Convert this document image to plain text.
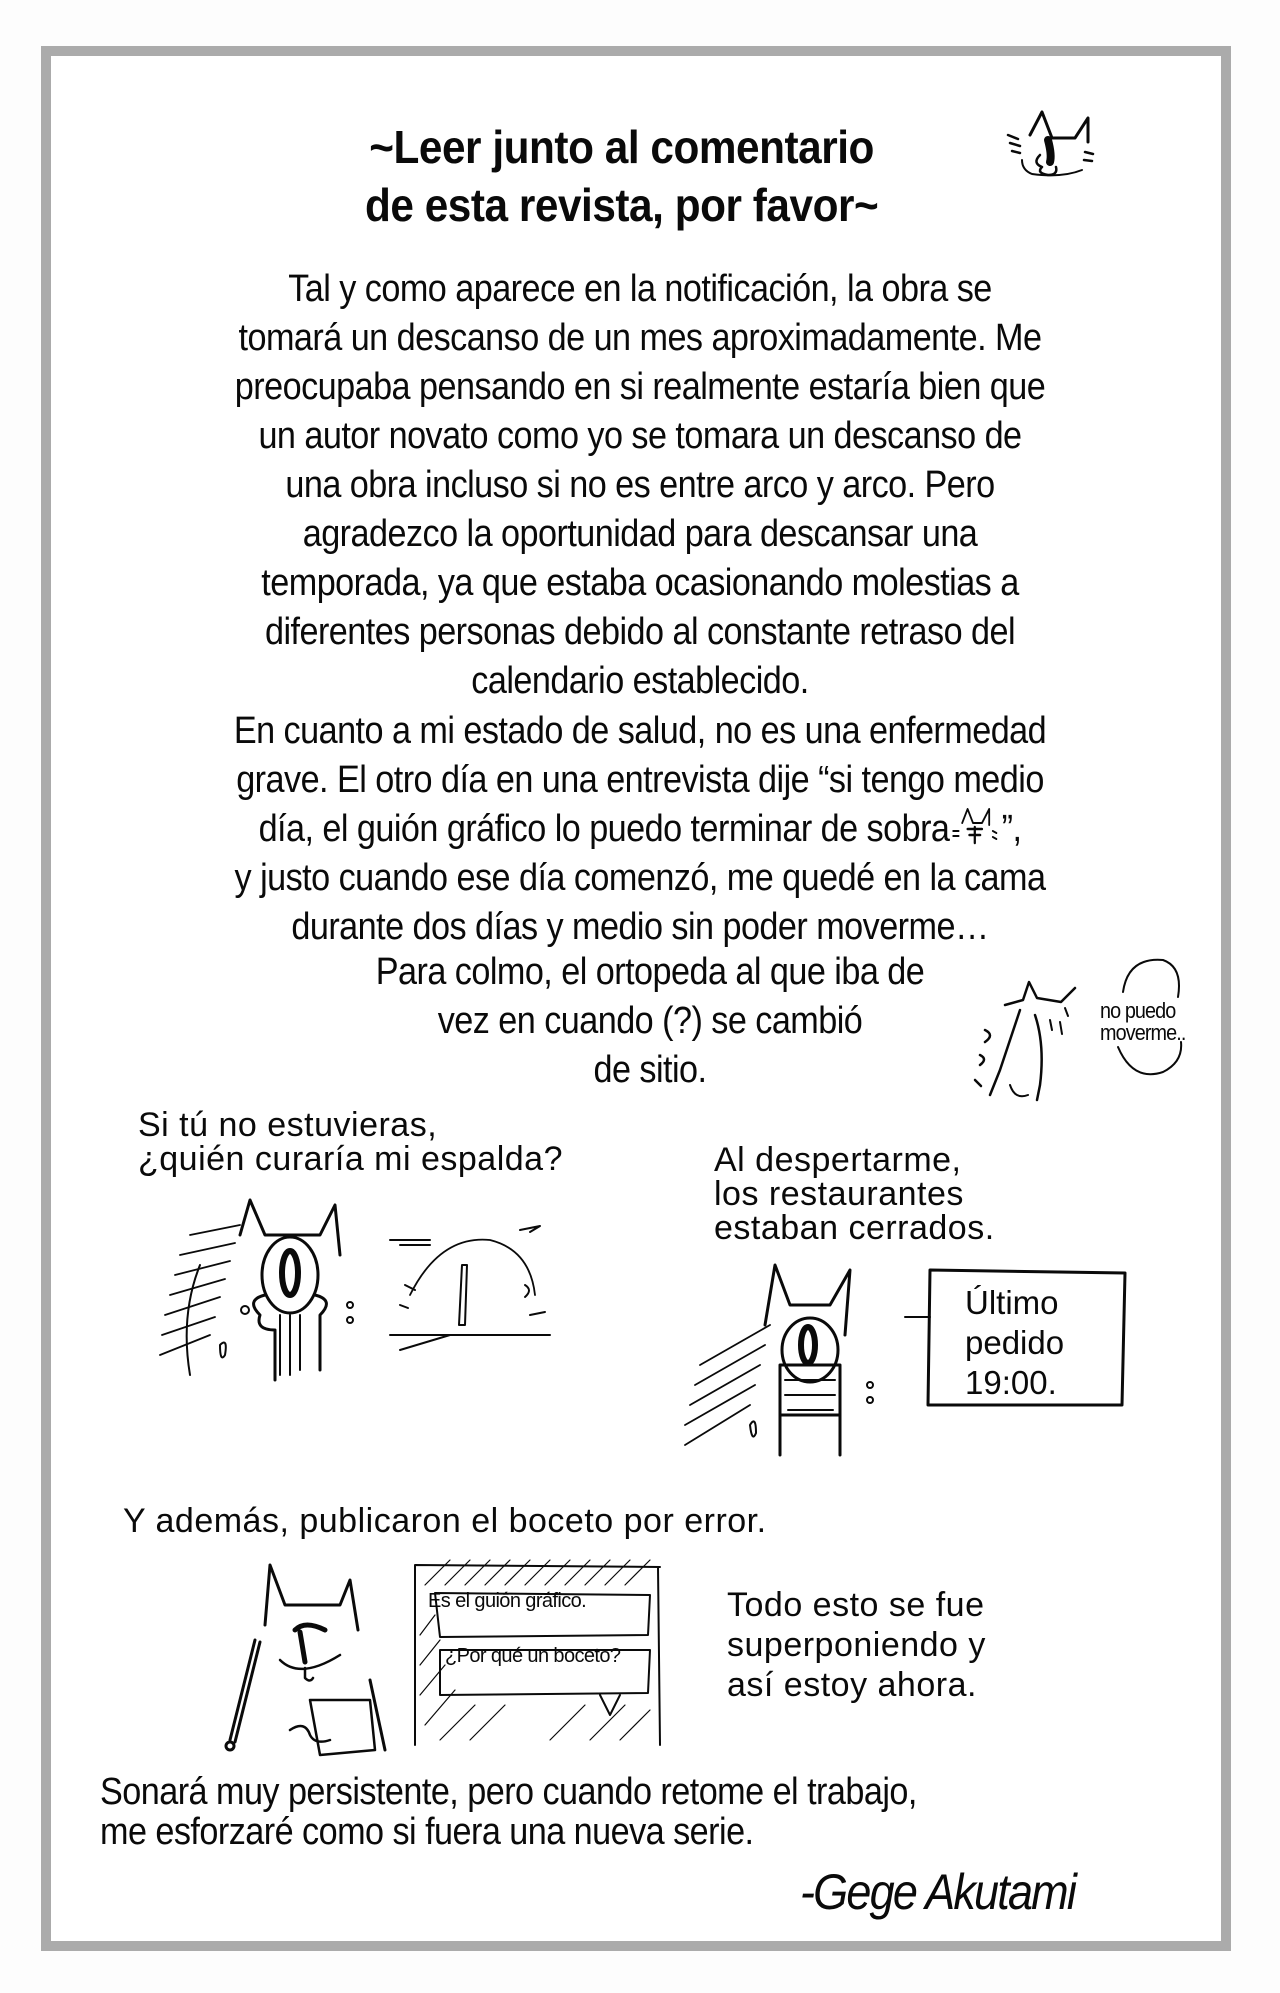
~Leer junto al comentario
de esta revista, por favor~
Tal y como aparece en la notificación, la obra se
tomará un descanso de un mes aproximadamente. Me
preocupaba pensando en si realmente estaría bien que
un autor novato como yo se tomara un descanso de
una obra incluso si no es entre arco y arco. Pero
agradezco la oportunidad para descansar una
temporada, ya que estaba ocasionando molestias a
diferentes personas debido al constante retraso del
calendario establecido.
En cuanto a mi estado de salud, no es una enfermedad
grave. El otro día en una entrevista dije “si tengo medio
día, el guión gráfico lo puedo terminar de sobra ”,
y justo cuando ese día comenzó, me quedé en la cama
durante dos días y medio sin poder moverme…
Para colmo, el ortopeda al que iba de
vez en cuando (?) se cambió
de sitio.
no puedo
moverme..
Si tú no estuvieras,
¿quién curaría mi espalda?	Al despertarme,
los restaurantes
estaban cerrados.
Último
pedido
19:00.
Y además, publicaron el boceto por error.
Es el guión gráfico.
¿Por qué un boceto?
Todo esto se fue
superponiendo y
así estoy ahora.
Sonará muy persistente, pero cuando retome el trabajo,
me esforzaré como si fuera una nueva serie.
-Gege Akutami
